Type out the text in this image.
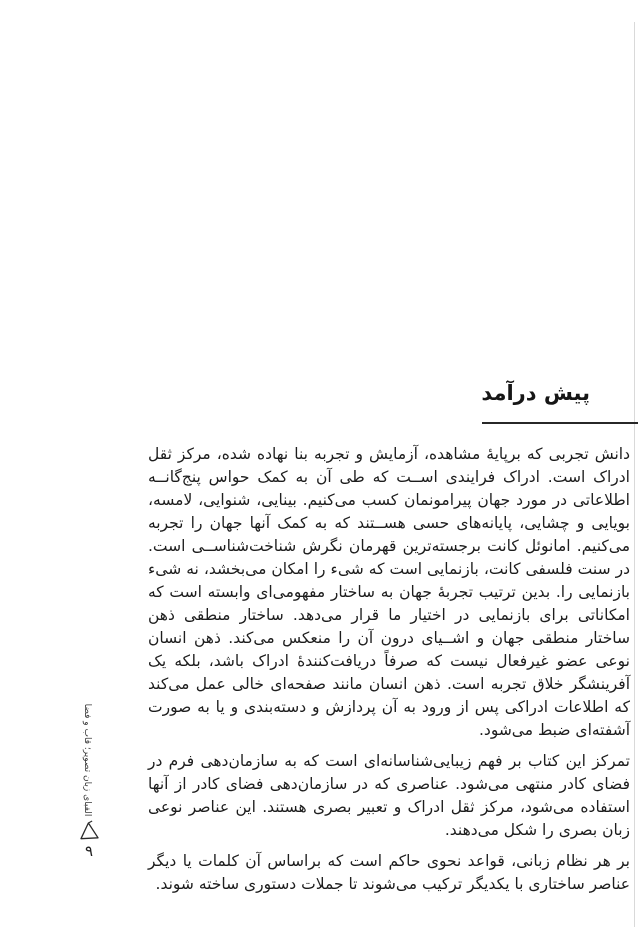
پیش درآمد

دانش تجربی که برپایهٔ مشاهده، آزمایش و تجربه بنا نهاده شده، مرکز ثقل ادراک است. ادراک فرایندی اســت که طی آن به کمک حواس پنج‌گانــه اطلاعاتی در مورد جهان پیرامونمان کسب می‌کنیم. بینایی، شنوایی، لامسه، بویایی و چشایی، پایانه‌های حسی هســتند که به کمک آنها جهان را تجربه می‌کنیم. امانوئل کانت برجسته‌ترین قهرمان نگرش شناخت‌شناســی است. در سنت فلسفی کانت، بازنمایی است که شیء را امکان می‌بخشد، نه شیء بازنمایی را. بدین ترتیب تجربهٔ جهان به ساختار مفهومی‌ای وابسته است که امکاناتی برای بازنمایی در اختیار ما قرار می‌دهد. ساختار منطقی ذهن ساختار منطقی جهان و اشــیای درون آن را منعکس می‌کند. ذهن انسان نوعی عضو غیرفعال نیست که صرفاً دریافت‌کنندهٔ ادراک باشد، بلکه یک آفرینشگر خلاق تجربه است. ذهن انسان مانند صفحه‌ای خالی عمل می‌کند که اطلاعات ادراکی پس از ورود به آن پردازش و دسته‌بندی و یا به صورت آشفته‌ای ضبط می‌شود.

تمرکز این کتاب بر فهم زیبایی‌شناسانه‌ای است که به سازمان‌دهی فرم در فضای کادر منتهی می‌شود. عناصری که در سازمان‌دهی فضای کادر از آنها استفاده می‌شود، مرکز ثقل ادراک و تعبیر بصری هستند. این عناصر نوعی زبان بصری را شکل می‌دهند.

بر هر نظام زبانی، قواعد نحوی حاکم است که براساس آن کلمات یا دیگر عناصر ساختاری با یکدیگر ترکیب می‌شوند تا جملات دستوری ساخته شوند.

الفبای زبان تصویر؛ قاب و فضا
۹
